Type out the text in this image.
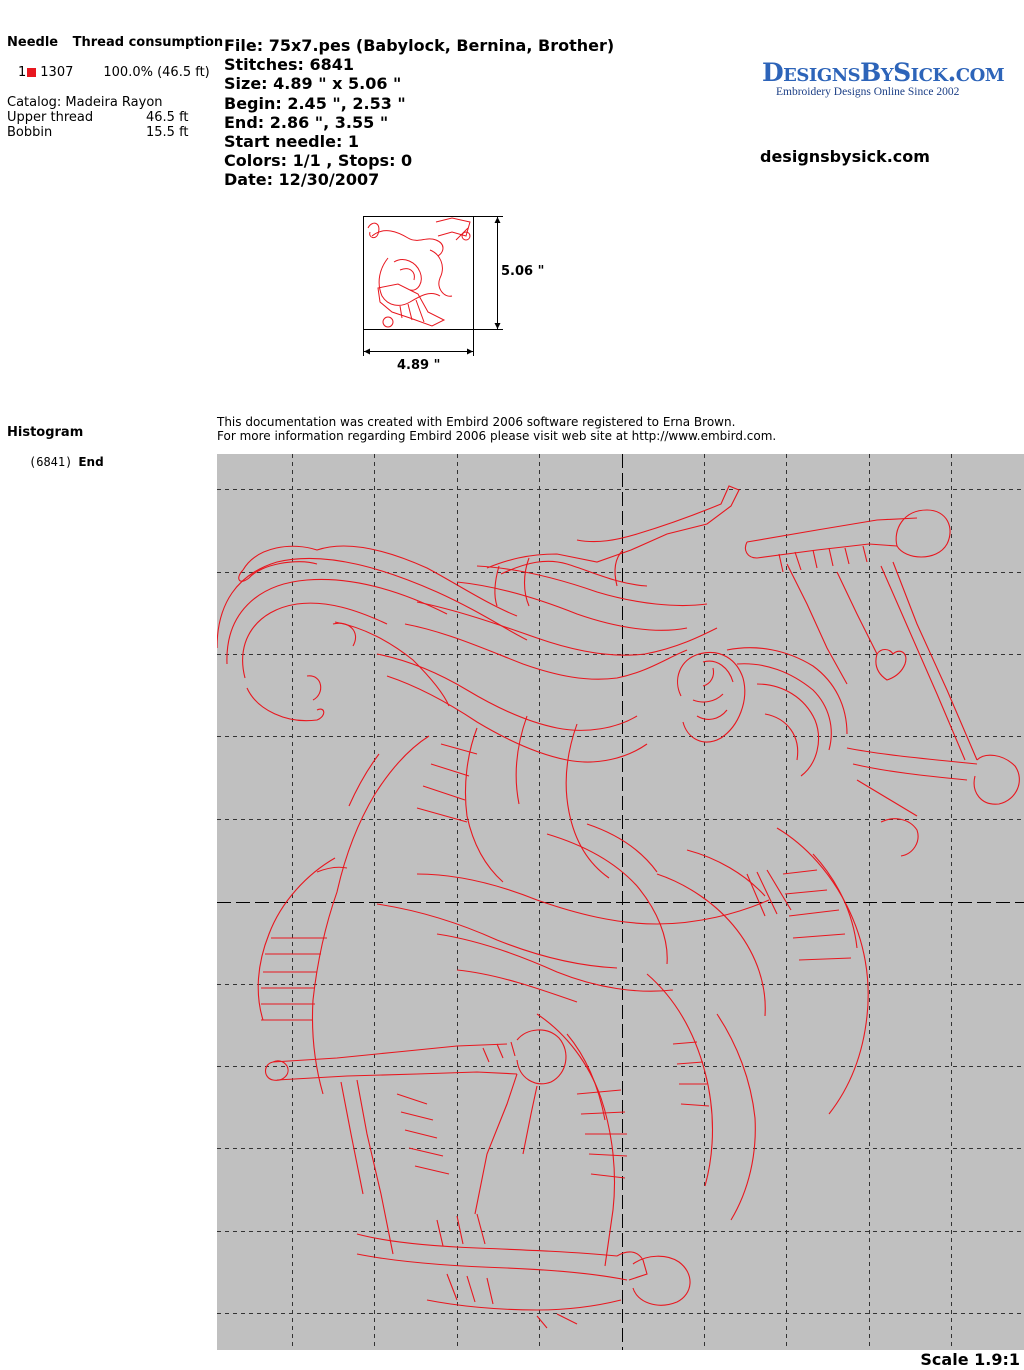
Needle Thread consumption
1 1307 100.0% (46.5 ft)
Catalog: Madeira Rayon
Upper thread	46.5 ft
Bobbin	15.5 ft
Histogram
(6841) End
File: 75x7.pes (Babylock, Bernina, Brother)
Stitches: 6841
Size: 4.89 " x 5.06 "
Begin: 2.45 ", 2.53 "
End: 2.86 ", 3.55 "
Start needle: 1
Colors: 1/1 , Stops: 0
Date: 12/30/2007
DesignsBySick.com
Embroidery Designs Online Since 2002
designsbysick.com
4.89 "
5.06 "
This documentation was created with Embird 2006 software registered to Erna Brown.
For more information regarding Embird 2006 please visit web site at http://www.embird.com.
Scale 1.9:1
